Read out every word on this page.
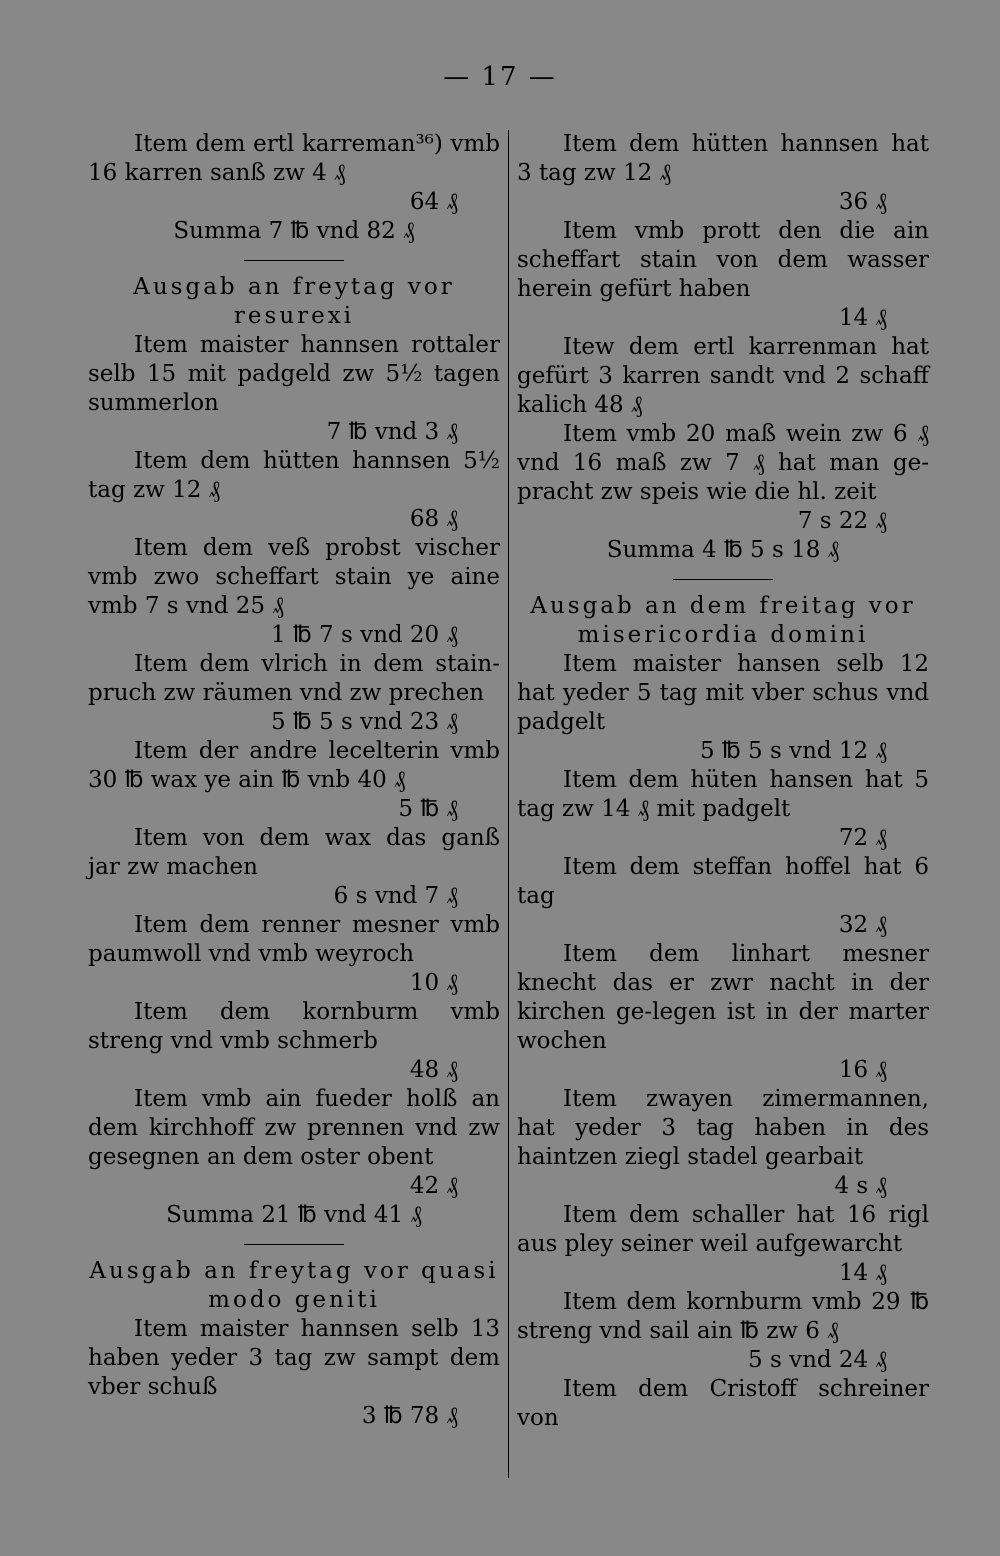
— 17 —
Item dem ertl karreman³⁶) vmb 16 karren sanß zw 4 ₰
64 ₰
Summa 7 ℔ vnd 82 ₰
Ausgab an freytag vor resurexi
Item maister hannsen rottaler selb 15 mit padgeld zw 5½ tagen summerlon
7 ℔ vnd 3 ₰
Item dem hütten hannsen 5½ tag zw 12 ₰
68 ₰
Item dem veß probst vischer vmb zwo scheffart stain ye aine vmb 7 s vnd 25 ₰
1 ℔ 7 s vnd 20 ₰
Item dem vlrich in dem stain-pruch zw räumen vnd zw prechen
5 ℔ 5 s vnd 23 ₰
Item der andre lecelterin vmb 30 ℔ wax ye ain ℔ vnb 40 ₰
5 ℔ ₰
Item von dem wax das ganß jar zw machen
6 s vnd 7 ₰
Item dem renner mesner vmb paumwoll vnd vmb weyroch
10 ₰
Item dem kornburm vmb streng vnd vmb schmerb
48 ₰
Item vmb ain fueder holß an dem kirchhoff zw prennen vnd zw gesegnen an dem oster obent
42 ₰
Summa 21 ℔ vnd 41 ₰
Ausgab an freytag vor quasi modo geniti
Item maister hannsen selb 13 haben yeder 3 tag zw sampt dem vber schuß
3 ℔ 78 ₰
Item dem hütten hannsen hat 3 tag zw 12 ₰
36 ₰
Item vmb prott den die ain scheffart stain von dem wasser herein gefürt haben
14 ₰
Itew dem ertl karrenman hat gefürt 3 karren sandt vnd 2 schaff kalich 48 ₰
Item vmb 20 maß wein zw 6 ₰ vnd 16 maß zw 7 ₰ hat man ge-pracht zw speis wie die hl. zeit
7 s 22 ₰
Summa 4 ℔ 5 s 18 ₰
Ausgab an dem freitag vor misericordia domini
Item maister hansen selb 12 hat yeder 5 tag mit vber schus vnd padgelt
5 ℔ 5 s vnd 12 ₰
Item dem hüten hansen hat 5 tag zw 14 ₰ mit padgelt
72 ₰
Item dem steffan hoffel hat 6 tag
32 ₰
Item dem linhart mesner knecht das er zwr nacht in der kirchen ge-legen ist in der marter wochen
16 ₰
Item zwayen zimermannen, hat yeder 3 tag haben in des haintzen ziegl stadel gearbait
4 s ₰
Item dem schaller hat 16 rigl aus pley seiner weil aufgewarcht
14 ₰
Item dem kornburm vmb 29 ℔ streng vnd sail ain ℔ zw 6 ₰
5 s vnd 24 ₰
Item dem Cristoff schreiner von
